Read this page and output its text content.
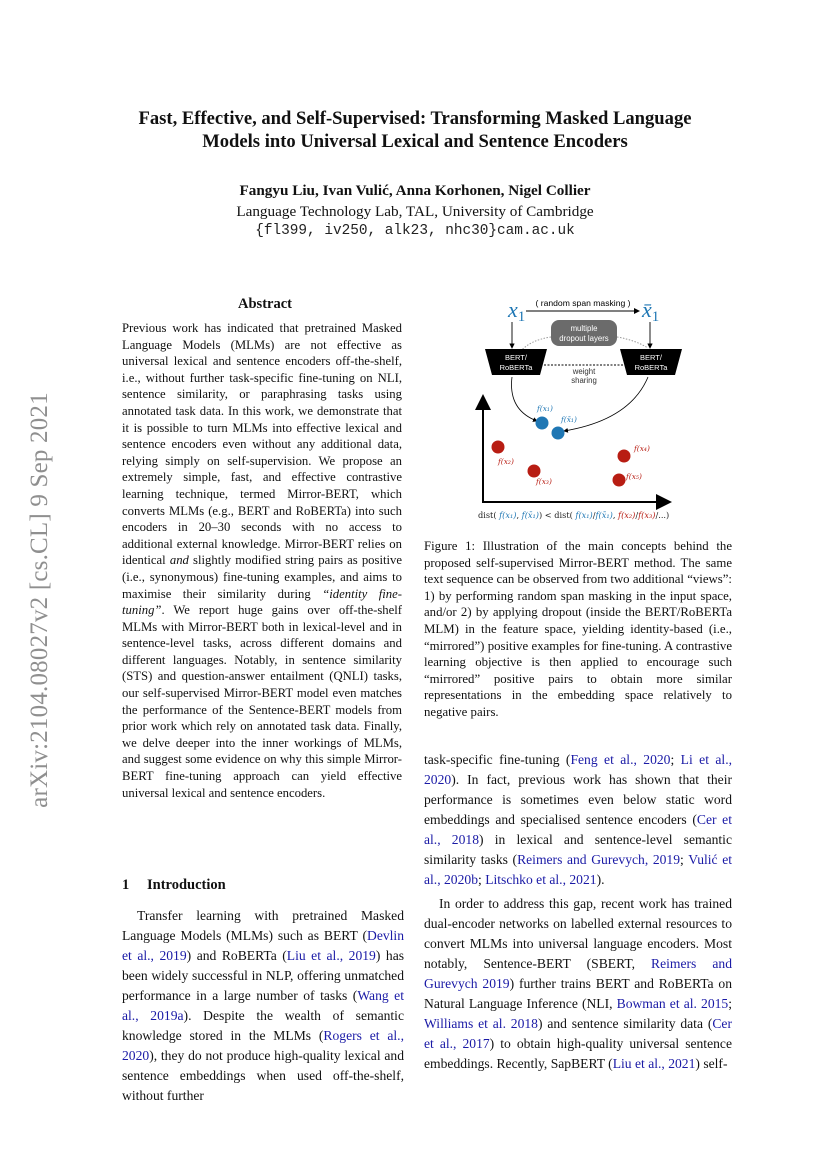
Fast, Effective, and Self-Supervised: Transforming Masked Language
Models into Universal Lexical and Sentence Encoders
Fangyu Liu, Ivan Vulić, Anna Korhonen, Nigel Collier
Language Technology Lab, TAL, University of Cambridge
{fl399, iv250, alk23, nhc30}cam.ac.uk
arXiv:2104.08027v2 [cs.CL] 9 Sep 2021
Abstract
Previous work has indicated that pretrained Masked Language Models (MLMs) are not effective as universal lexical and sentence encoders off-the-shelf, i.e., without further task-specific fine-tuning on NLI, sentence similarity, or paraphrasing tasks using annotated task data. In this work, we demonstrate that it is possible to turn MLMs into effective lexical and sentence encoders even without any additional data, relying simply on self-supervision. We propose an extremely simple, fast, and effective contrastive learning technique, termed Mirror-BERT, which converts MLMs (e.g., BERT and RoBERTa) into such encoders in 20–30 seconds with no access to additional external knowledge. Mirror-BERT relies on identical and slightly modified string pairs as positive (i.e., synonymous) fine-tuning examples, and aims to maximise their similarity during “identity fine-tuning”. We report huge gains over off-the-shelf MLMs with Mirror-BERT both in lexical-level and in sentence-level tasks, across different domains and different languages. Notably, in sentence similarity (STS) and question-answer entailment (QNLI) tasks, our self-supervised Mirror-BERT model even matches the performance of the Sentence-BERT models from prior work which rely on annotated task data. Finally, we delve deeper into the inner workings of MLMs, and suggest some evidence on why this simple Mirror-BERT fine-tuning approach can yield effective universal lexical and sentence encoders.
1 Introduction

Transfer learning with pretrained Masked Language Models (MLMs) such as BERT (Devlin et al., 2019) and RoBERTa (Liu et al., 2019) has been widely successful in NLP, offering unmatched performance in a large number of tasks (Wang et al., 2019a). Despite the wealth of semantic knowledge stored in the MLMs (Rogers et al., 2020), they do not produce high-quality lexical and sentence embeddings when used off-the-shelf, without further

x1	x̄1
( random span masking )
multiple
dropout layers
BERT/
RoBERTa
BERT/
RoBERTa
weight
sharing
f(x₁)
f(x̄₁)
f(x₂)
f(x₃)
f(x₄)
f(x₅)
dist( f(x₁), f(x̄₁)) < dist( f(x₁)/f(x̄₁), f(x₂)/f(x₃)/...)
Figure 1: Illustration of the main concepts behind the proposed self-supervised Mirror-BERT method. The same text sequence can be observed from two additional “views”: 1) by performing random span masking in the input space, and/or 2) by applying dropout (inside the BERT/RoBERTa MLM) in the feature space, yielding identity-based (i.e., “mirrored”) positive examples for fine-tuning. A contrastive learning objective is then applied to encourage such “mirrored” positive pairs to obtain more similar representations in the embedding space relatively to negative pairs.

task-specific fine-tuning (Feng et al., 2020; Li et al., 2020). In fact, previous work has shown that their performance is sometimes even below static word embeddings and specialised sentence encoders (Cer et al., 2018) in lexical and sentence-level semantic similarity tasks (Reimers and Gurevych, 2019; Vulić et al., 2020b; Litschko et al., 2021).

In order to address this gap, recent work has trained dual-encoder networks on labelled external resources to convert MLMs into universal language encoders. Most notably, Sentence-BERT (SBERT, Reimers and Gurevych 2019) further trains BERT and RoBERTa on Natural Language Inference (NLI, Bowman et al. 2015; Williams et al. 2018) and sentence similarity data (Cer et al., 2017) to obtain high-quality universal sentence embeddings. Recently, SapBERT (Liu et al., 2021) self-
